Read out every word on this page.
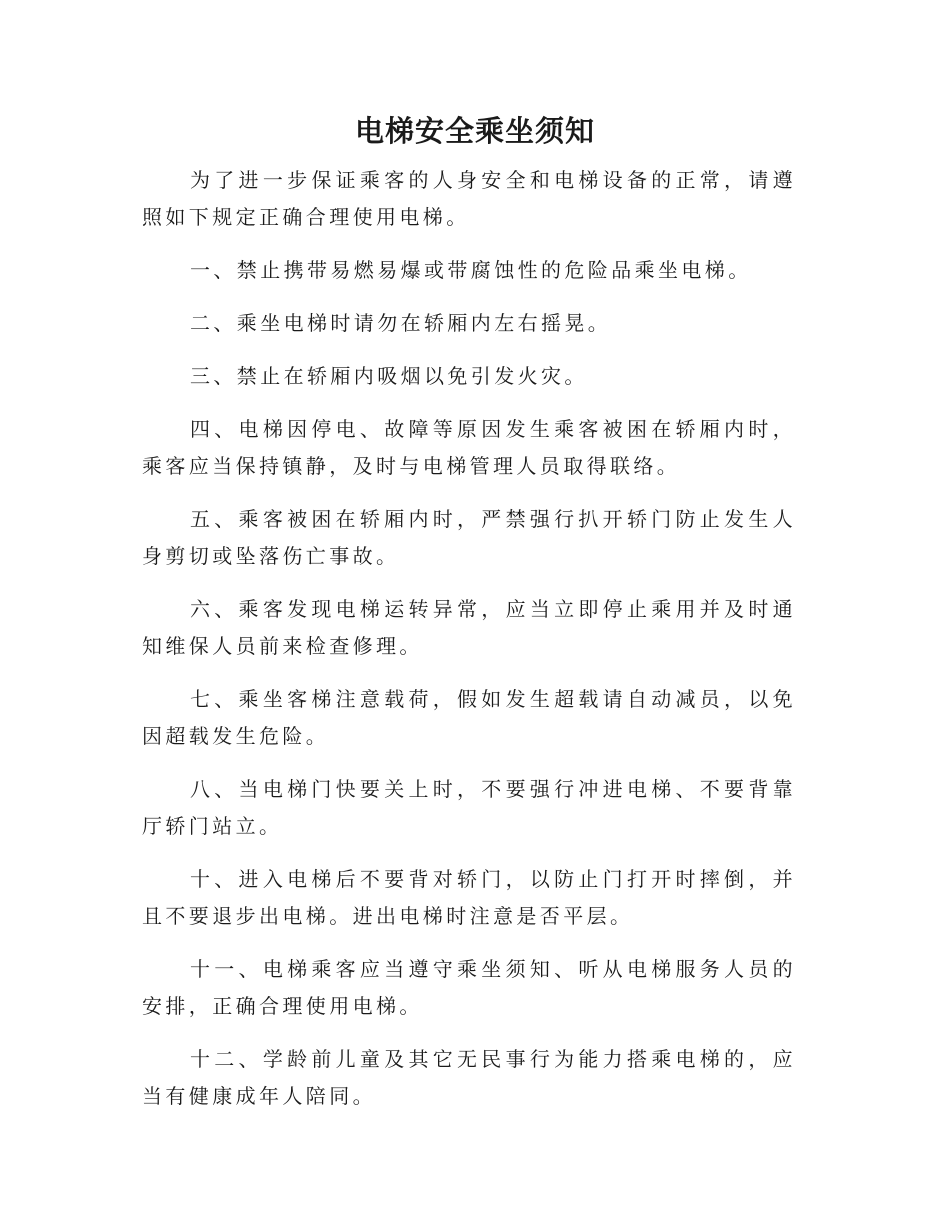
电梯安全乘坐须知

为了进一步保证乘客的人身安全和电梯设备的正常，请遵照如下规定正确合理使用电梯。

一、禁止携带易燃易爆或带腐蚀性的危险品乘坐电梯。

二、乘坐电梯时请勿在轿厢内左右摇晃。

三、禁止在轿厢内吸烟以免引发火灾。

四、电梯因停电、故障等原因发生乘客被困在轿厢内时，乘客应当保持镇静，及时与电梯管理人员取得联络。

五、乘客被困在轿厢内时，严禁强行扒开轿门防止发生人身剪切或坠落伤亡事故。

六、乘客发现电梯运转异常，应当立即停止乘用并及时通知维保人员前来检查修理。

七、乘坐客梯注意载荷，假如发生超载请自动减员，以免因超载发生危险。

八、当电梯门快要关上时，不要强行冲进电梯、不要背靠厅轿门站立。

十、进入电梯后不要背对轿门，以防止门打开时摔倒，并且不要退步出电梯。进出电梯时注意是否平层。

十一、电梯乘客应当遵守乘坐须知、听从电梯服务人员的安排，正确合理使用电梯。

十二、学龄前儿童及其它无民事行为能力搭乘电梯的，应当有健康成年人陪同。
